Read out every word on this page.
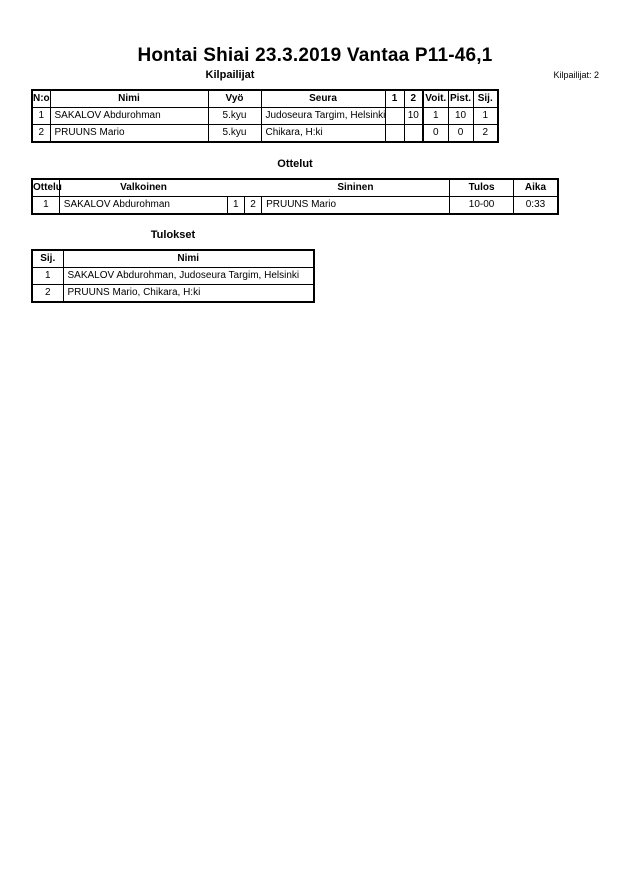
Hontai Shiai 23.3.2019 Vantaa P11-46,1
Kilpailijat: 2
Kilpailijat
N:o	Nimi	Vyö	Seura	1	2	Voit.	Pist.	Sij.
1	SAKALOV Abdurohman	5.kyu	Judoseura Targim, Helsinki		10	1	10	1
2	PRUUNS Mario	5.kyu	Chikara, H:ki			0	0	2
Ottelut
Ottelu	Valkoinen			Sininen	Tulos	Aika
1	SAKALOV Abdurohman	1	2	PRUUNS Mario	10-00	0:33
Tulokset
Sij.	Nimi
1	SAKALOV Abdurohman, Judoseura Targim, Helsinki
2	PRUUNS Mario, Chikara, H:ki
